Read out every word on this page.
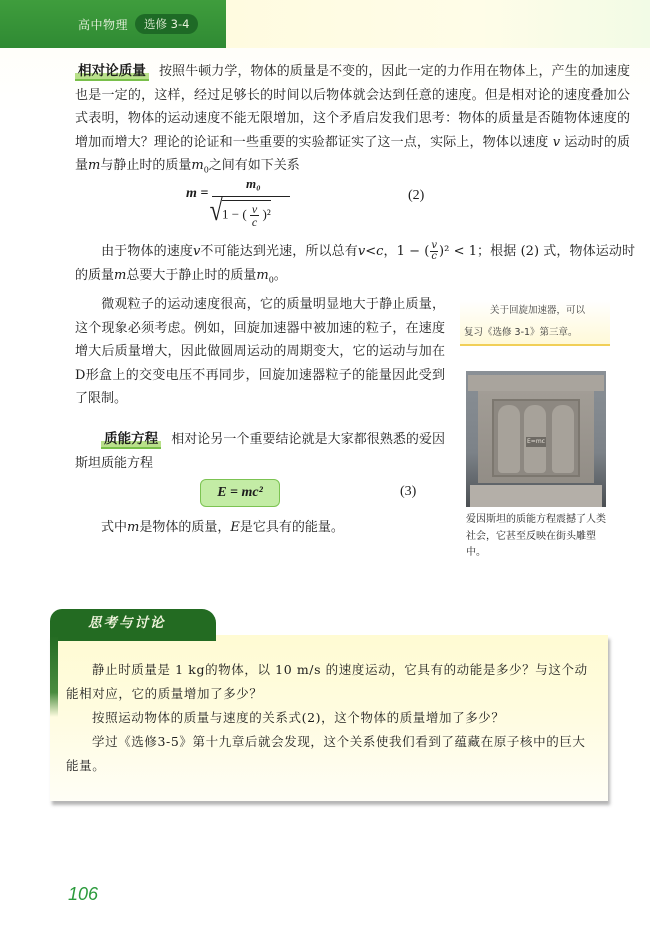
高中物理	选修 3-4
相对论质量 按照牛顿力学，物体的质量是不变的，因此一定的力作用在物体上，产生的加速度也是一定的，这样，经过足够长的时间以后物体就会达到任意的速度。但是相对论的速度叠加公式表明，物体的运动速度不能无限增加，这个矛盾启发我们思考：物体的质量是否随物体速度的增加而增大？理论的论证和一些重要的实验都证实了这一点，实际上，物体以速度 v 运动时的质量m与静止时的质量$m_0$之间有如下关系
m =
m₀
√ 1 − ( $\frac{v}{c} )^2$
(2)
由于物体的速度v不可能达到光速，所以总有v<c，1 − ( $\frac{v}{c} )^2 < 1$；根据 (2) 式，物体运动时的质量m总要大于静止时的质量$m_0$。
微观粒子的运动速度很高，它的质量明显地大于静止质量，这个现象必须考虑。例如，回旋加速器中被加速的粒子，在速度增大后质量增大，因此做圆周运动的周期变大，它的运动与加在D形盒上的交变电压不再同步，回旋加速器粒子的能量因此受到了限制。
关于回旋加速器，可以
复习《选修 3-1》第三章。
E=mc
爱因斯坦的质能方程震撼了人类社会，它甚至反映在街头雕塑中。
质能方程 相对论另一个重要结论就是大家都很熟悉的爱因斯坦质能方程
E = mc²	(3)
式中m是物体的质量，E是它具有的能量。
思考与讨论
静止时质量是 1 kg的物体，以 10 m/s 的速度运动，它具有的动能是多少？与这个动能相对应，它的质量增加了多少？
按照运动物体的质量与速度的关系式(2)，这个物体的质量增加了多少？
学过《选修3-5》第十九章后就会发现，这个关系使我们看到了蕴藏在原子核中的巨大能量。
106
